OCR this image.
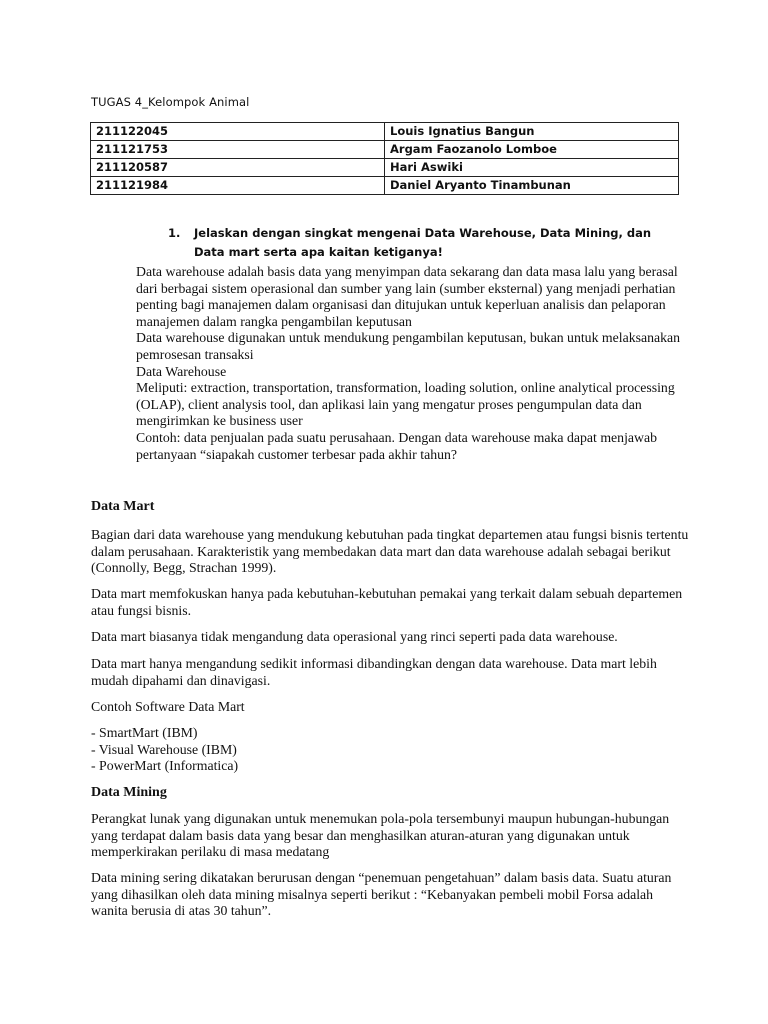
TUGAS 4_Kelompok Animal
211122045	Louis Ignatius Bangun
211121753	Argam Faozanolo Lomboe
211120587	Hari Aswiki
211121984	Daniel Aryanto Tinambunan
1.	Jelaskan dengan singkat mengenai Data Warehouse, Data Mining, dan Data mart serta apa kaitan ketiganya!

Data warehouse adalah basis data yang menyimpan data sekarang dan data masa lalu yang berasal dari berbagai sistem operasional dan sumber yang lain (sumber eksternal) yang menjadi perhatian penting bagi manajemen dalam organisasi dan ditujukan untuk keperluan analisis dan pelaporan manajemen dalam rangka pengambilan keputusan

Data warehouse digunakan untuk mendukung pengambilan keputusan, bukan untuk melaksanakan pemrosesan transaksi

Data Warehouse

Meliputi: extraction, transportation, transformation, loading solution, online analytical processing (OLAP), client analysis tool, dan aplikasi lain yang mengatur proses pengumpulan data dan mengirimkan ke business user

Contoh: data penjualan pada suatu perusahaan. Dengan data warehouse maka dapat menjawab pertanyaan “siapakah customer terbesar pada akhir tahun?

Data Mart
Bagian dari data warehouse yang mendukung kebutuhan pada tingkat departemen atau fungsi bisnis tertentu dalam perusahaan. Karakteristik yang membedakan data mart dan data warehouse adalah sebagai berikut (Connolly, Begg, Strachan 1999).
Data mart memfokuskan hanya pada kebutuhan-kebutuhan pemakai yang terkait dalam sebuah departemen atau fungsi bisnis.
Data mart biasanya tidak mengandung data operasional yang rinci seperti pada data warehouse.
Data mart hanya mengandung sedikit informasi dibandingkan dengan data warehouse. Data mart lebih mudah dipahami dan dinavigasi.
Contoh Software Data Mart

- SmartMart (IBM)

- Visual Warehouse (IBM)

- PowerMart (Informatica)

Data Mining
Perangkat lunak yang digunakan untuk menemukan pola-pola tersembunyi maupun hubungan-hubungan yang terdapat dalam basis data yang besar dan menghasilkan aturan-aturan yang digunakan untuk memperkirakan perilaku di masa medatang
Data mining sering dikatakan berurusan dengan “penemuan pengetahuan” dalam basis data. Suatu aturan yang dihasilkan oleh data mining misalnya seperti berikut : “Kebanyakan pembeli mobil Forsa adalah wanita berusia di atas 30 tahun”.
